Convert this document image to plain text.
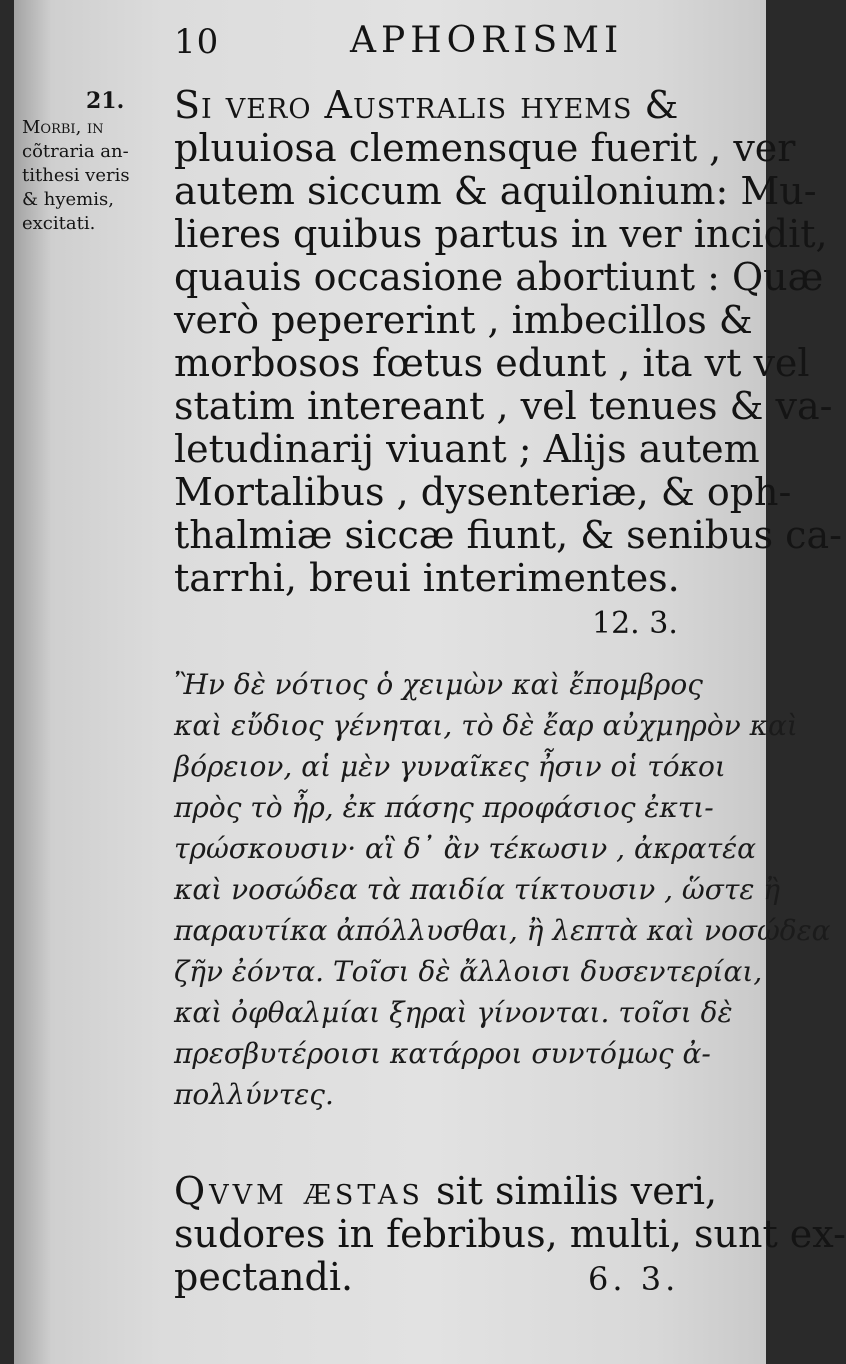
10	APHORISMI
21.
Morbi, in
cõtraria an-
tithesi veris
& hyemis,
excitati.
Si vero Australis hyems &
pluuiosa clemensque fuerit , ver
autem siccum & aquilonium: Mu-
lieres quibus partus in ver incidit,
quauis occasione abortiunt : Quæ
verò pepererint , imbecillos &
morbosos fœtus edunt , ita vt vel
statim intereant , vel tenues & va-
letudinarij viuant ; Alijs autem
Mortalibus , dysenteriæ, & oph-
thalmiæ siccæ fiunt, & senibus ca-
tarrhi, breui interimentes.
12. 3.
Ἢν δὲ νότιος ὁ χειμὼν καὶ ἔπομβρος
καὶ εὔδιος γένηται, τὸ δὲ ἔαρ αὐχμηρὸν καὶ
βόρειον, αἱ μὲν γυναῖκες ἦσιν οἱ τόκοι
πρὸς τὸ ἦρ, ἐκ πάσης προφάσιος ἐκτι-
τρώσκουσιν· αἳ δ᾽ ἂν τέκωσιν , ἀκρατέα
καὶ νοσώδεα τὰ παιδία τίκτουσιν , ὥστε ἢ
παραυτίκα ἀπόλλυσθαι, ἢ λεπτὰ καὶ νοσώδεα
ζῆν ἐόντα. Τοῖσι δὲ ἄλλοισι δυσεντερίαι,
καὶ ὀφθαλμίαι ξηραὶ γίνονται. τοῖσι δὲ
πρεσβυτέροισι κατάρροι συντόμως ἀ-
πολλύντες.
Qvvm æstas sit similis veri,
sudores in febribus, multi, sunt ex-
pectandi.	6. 3.
